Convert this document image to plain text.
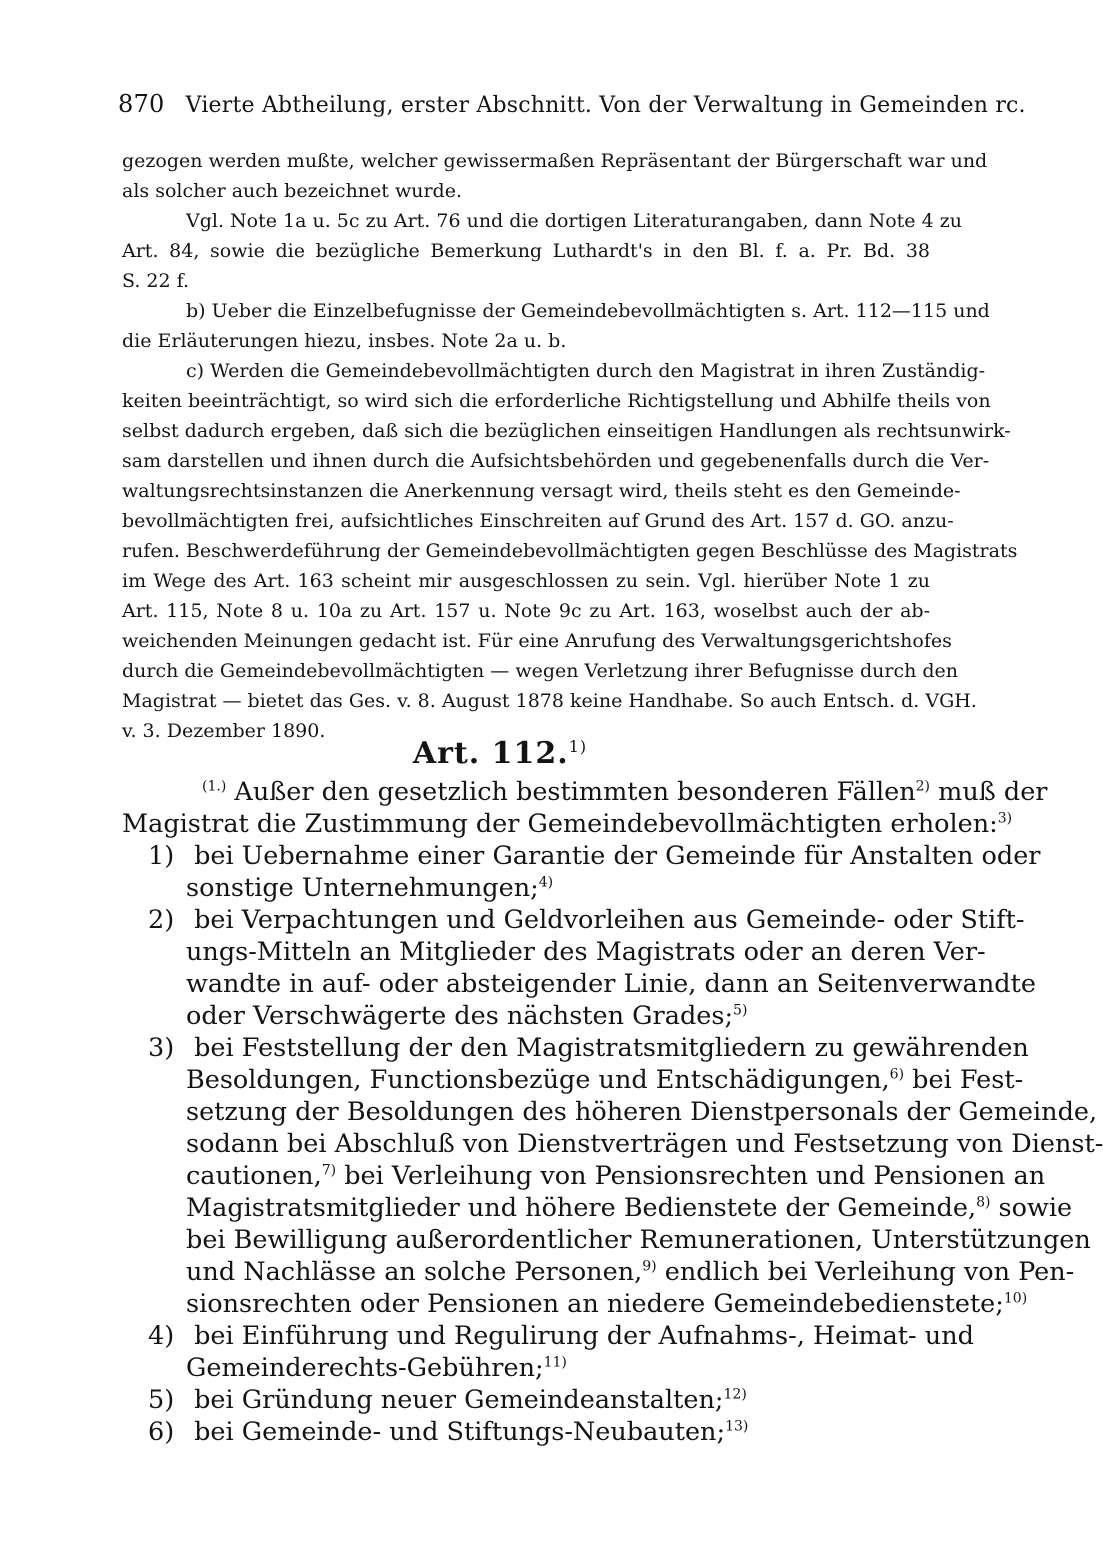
870 Vierte Abtheilung, erster Abschnitt. Von der Verwaltung in Gemeinden rc.
gezogen werden mußte, welcher gewissermaßen Repräsentant der Bürgerschaft war und
als solcher auch bezeichnet wurde.
Vgl. Note 1a u. 5c zu Art. 76 und die dortigen Literaturangaben, dann Note 4 zu
Art. 84, sowie die bezügliche Bemerkung Luthardt's in den Bl. f. a. Pr. Bd. 38
S. 22 f.
b) Ueber die Einzelbefugnisse der Gemeindebevollmächtigten s. Art. 112—115 und
die Erläuterungen hiezu, insbes. Note 2a u. b.
c) Werden die Gemeindebevollmächtigten durch den Magistrat in ihren Zuständig-
keiten beeinträchtigt, so wird sich die erforderliche Richtigstellung und Abhilfe theils von
selbst dadurch ergeben, daß sich die bezüglichen einseitigen Handlungen als rechtsunwirk-
sam darstellen und ihnen durch die Aufsichtsbehörden und gegebenenfalls durch die Ver-
waltungsrechtsinstanzen die Anerkennung versagt wird, theils steht es den Gemeinde-
bevollmächtigten frei, aufsichtliches Einschreiten auf Grund des Art. 157 d. GO. anzu-
rufen. Beschwerdeführung der Gemeindebevollmächtigten gegen Beschlüsse des Magistrats
im Wege des Art. 163 scheint mir ausgeschlossen zu sein. Vgl. hierüber Note 1 zu
Art. 115, Note 8 u. 10a zu Art. 157 u. Note 9c zu Art. 163, woselbst auch der ab-
weichenden Meinungen gedacht ist. Für eine Anrufung des Verwaltungsgerichtshofes
durch die Gemeindebevollmächtigten — wegen Verletzung ihrer Befugnisse durch den
Magistrat — bietet das Ges. v. 8. August 1878 keine Handhabe. So auch Entsch. d. VGH.
v. 3. Dezember 1890.
Art. 112.$^{1)}$
$^{(1.)}$ Außer den gesetzlich bestimmten besonderen Fällen$^{2)}$ muß der
Magistrat die Zustimmung der Gemeindebevollmächtigten erholen:$^{3)}$
1) bei Uebernahme einer Garantie der Gemeinde für Anstalten oder
sonstige Unternehmungen;$^{4)}$
2) bei Verpachtungen und Geldvorleihen aus Gemeinde- oder Stift-
ungs-Mitteln an Mitglieder des Magistrats oder an deren Ver-
wandte in auf- oder absteigender Linie, dann an Seitenverwandte
oder Verschwägerte des nächsten Grades;$^{5)}$
3) bei Feststellung der den Magistratsmitgliedern zu gewährenden
Besoldungen, Functionsbezüge und Entschädigungen,$^{6)}$ bei Fest-
setzung der Besoldungen des höheren Dienstpersonals der Gemeinde,
sodann bei Abschluß von Dienstverträgen und Festsetzung von Dienst-
cautionen,$^{7)}$ bei Verleihung von Pensionsrechten und Pensionen an
Magistratsmitglieder und höhere Bedienstete der Gemeinde,$^{8)}$ sowie
bei Bewilligung außerordentlicher Remunerationen, Unterstützungen
und Nachlässe an solche Personen,$^{9)}$ endlich bei Verleihung von Pen-
sionsrechten oder Pensionen an niedere Gemeindebedienstete;$^{10)}$
4) bei Einführung und Regulirung der Aufnahms-, Heimat- und
Gemeinderechts-Gebühren;$^{11)}$
5) bei Gründung neuer Gemeindeanstalten;$^{12)}$
6) bei Gemeinde- und Stiftungs-Neubauten;$^{13)}$
